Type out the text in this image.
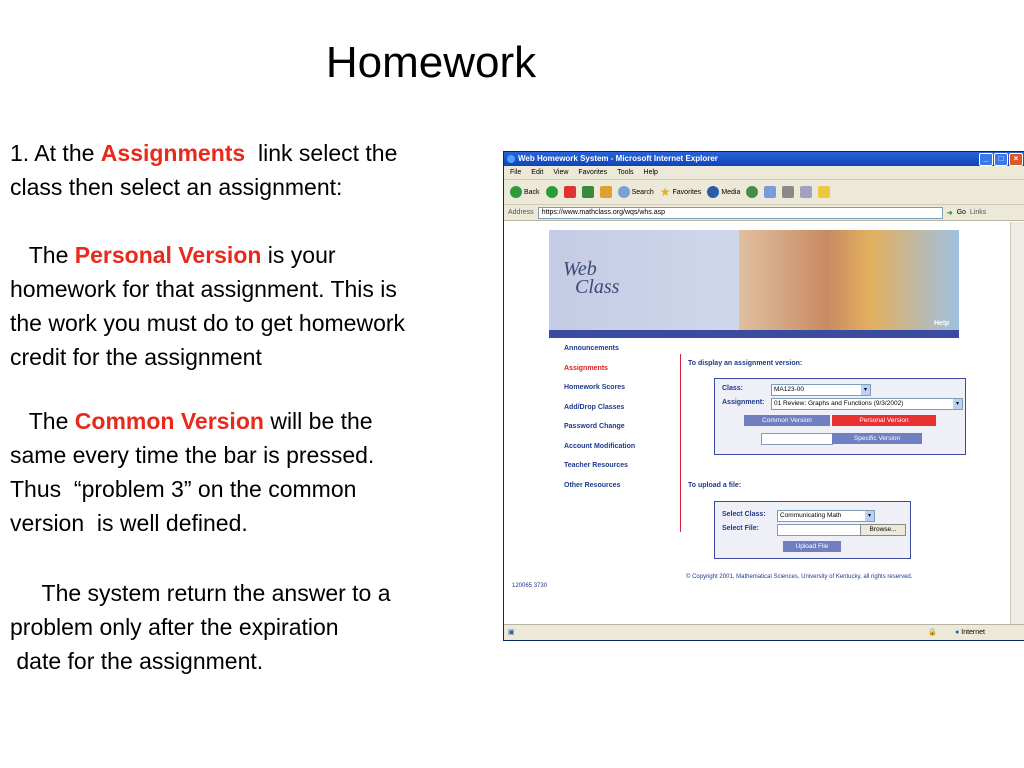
Homework
1. At the Assignments  link select the
class then select an assignment:
The Personal Version is your
homework for that assignment. This is
the work you must do to get homework
credit for the assignment
The Common Version will be the
same every time the bar is pressed.
Thus  “problem 3” on the common
version  is well defined.
The system return the answer to a
problem only after the expiration
date for the assignment.
Web Homework System - Microsoft Internet Explorer	_	□	×
File Edit View Favorites Tools Help
Back	Search ★ Favorites	Media
Address	https://www.mathclass.org/wqs/whs.asp	➜ Go Links
Web
Class
Help
Announcements
Assignments
Homework Scores
Add/Drop Classes
Password Change
Account Modification
Teacher Resources
Other Resources
To display an assignment version:
Class:	MA123-00	▾
Assignment:	01 Review: Graphs and Functions (9/3/2002)	▾
Common Version	Personal Version
Specific Version
To upload a file:
Select Class:	Communicating Math	▾
Select File:	Browse...
Upload File
© Copyright 2001, Mathematical Sciences, University of Kentucky, all rights reserved.
120065 3730
▣	🔒	● Internet
